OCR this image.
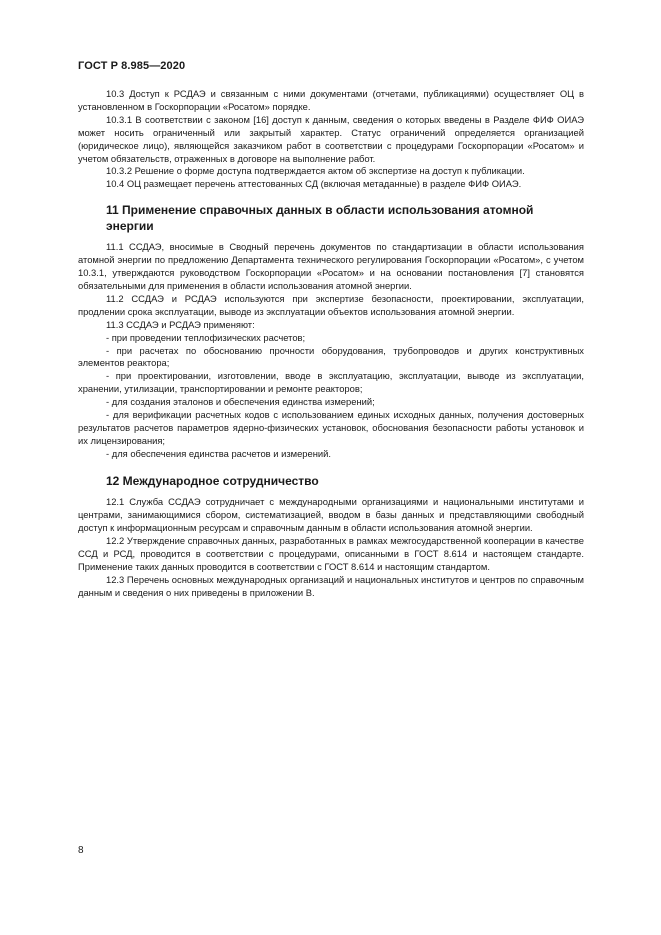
ГОСТ Р 8.985—2020

10.3 Доступ к РСДАЭ и связанным с ними документами (отчетами, публикациями) осуществляет ОЦ в установленном в Госкорпорации «Росатом» порядке.

10.3.1 В соответствии с законом [16] доступ к данным, сведения о которых введены в Разделе ФИФ ОИАЭ может носить ограниченный или закрытый характер. Статус ограничений определяется организацией (юридическое лицо), являющейся заказчиком работ в соответствии с процедурами Госкорпорации «Росатом» и учетом обязательств, отраженных в договоре на выполнение работ.

10.3.2 Решение о форме доступа подтверждается актом об экспертизе на доступ к публикации.

10.4 ОЦ размещает перечень аттестованных СД (включая метаданные) в разделе ФИФ ОИАЭ.

11 Применение справочных данных в области использования атомной энергии

11.1 ССДАЭ, вносимые в Сводный перечень документов по стандартизации в области использования атомной энергии по предложению Департамента технического регулирования Госкорпорации «Росатом», с учетом 10.3.1, утверждаются руководством Госкорпорации «Росатом» и на основании постановления [7] становятся обязательными для применения в области использования атомной энергии.

11.2 ССДАЭ и РСДАЭ используются при экспертизе безопасности, проектировании, эксплуатации, продлении срока эксплуатации, выводе из эксплуатации объектов использования атомной энергии.

11.3 ССДАЭ и РСДАЭ применяют:

- при проведении теплофизических расчетов;

- при расчетах по обоснованию прочности оборудования, трубопроводов и других конструктивных элементов реактора;

- при проектировании, изготовлении, вводе в эксплуатацию, эксплуатации, выводе из эксплуатации, хранении, утилизации, транспортировании и ремонте реакторов;

- для создания эталонов и обеспечения единства измерений;

- для верификации расчетных кодов с использованием единых исходных данных, получения достоверных результатов расчетов параметров ядерно-физических установок, обоснования безопасности работы установок и их лицензирования;

- для обеспечения единства расчетов и измерений.

12 Международное сотрудничество

12.1 Служба ССДАЭ сотрудничает с международными организациями и национальными институтами и центрами, занимающимися сбором, систематизацией, вводом в базы данных и представляющими свободный доступ к информационным ресурсам и справочным данным в области использования атомной энергии.

12.2 Утверждение справочных данных, разработанных в рамках межгосударственной кооперации в качестве ССД и РСД, проводится в соответствии с процедурами, описанными в ГОСТ 8.614 и настоящем стандарте. Применение таких данных проводится в соответствии с ГОСТ 8.614 и настоящим стандартом.

12.3 Перечень основных международных организаций и национальных институтов и центров по справочным данным и сведения о них приведены в приложении В.

8
